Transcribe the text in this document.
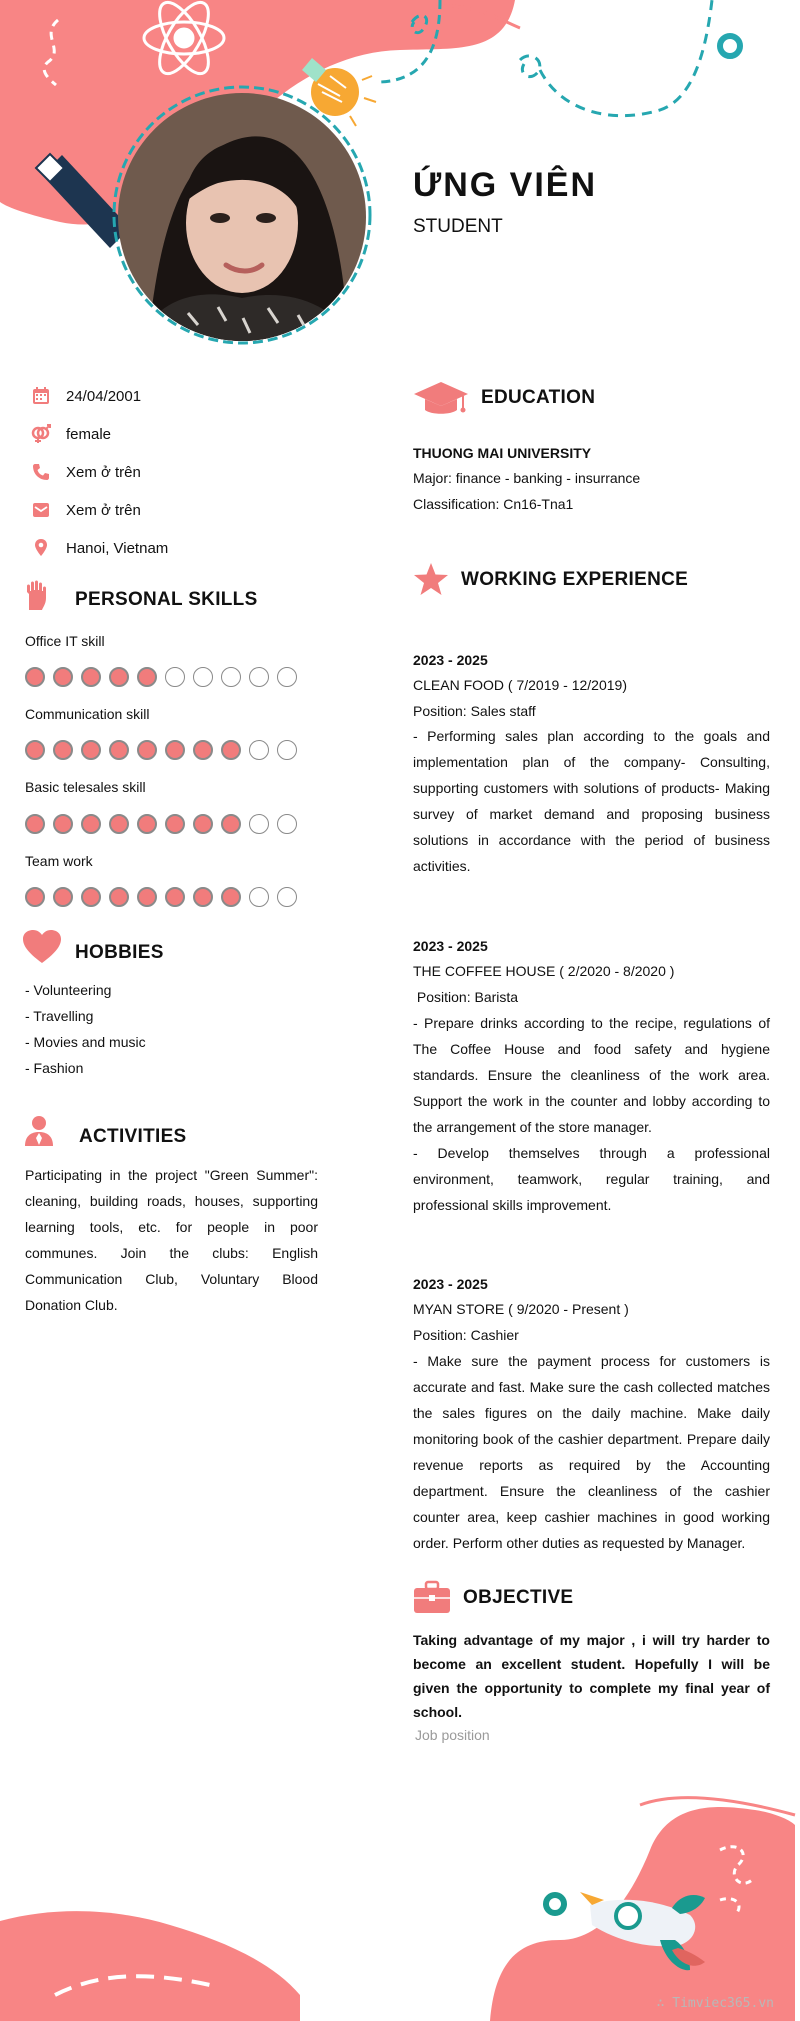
ỨNG VIÊN
STUDENT
24/04/2001
female
Xem ở trên
Xem ở trên
Hanoi, Vietnam
PERSONAL SKILLS
Office IT skill
Communication skill
Basic telesales skill
Team work
HOBBIES
- Volunteering
- Travelling
- Movies and music
- Fashion
ACTIVITIES
Participating in the project "Green Summer": cleaning, building roads, houses, supporting learning tools, etc. for people in poor communes. Join the clubs: English Communication Club, Voluntary Blood Donation Club.
EDUCATION
THUONG MAI UNIVERSITY
Major: finance - banking - insurrance
Classification: Cn16-Tna1
WORKING EXPERIENCE
2023 - 2025
CLEAN FOOD ( 7/2019 - 12/2019)
Position: Sales staff
- Performing sales plan according to the goals and implementation plan of the company- Consulting, supporting customers with solutions of products- Making survey of market demand and proposing business solutions in accordance with the period of business activities.
2023 - 2025
THE COFFEE HOUSE ( 2/2020 - 8/2020 )
Position: Barista
- Prepare drinks according to the recipe, regulations of The Coffee House and food safety and hygiene standards. Ensure the cleanliness of the work area. Support the work in the counter and lobby according to the arrangement of the store manager.
- Develop themselves through a professional environment, teamwork, regular training, and professional skills improvement.
2023 - 2025
MYAN STORE ( 9/2020 - Present )
Position: Cashier
- Make sure the payment process for customers is accurate and fast. Make sure the cash collected matches the sales figures on the daily machine. Make daily monitoring book of the cashier department. Prepare daily revenue reports as required by the Accounting department. Ensure the cleanliness of the cashier counter area, keep cashier machines in good working order. Perform other duties as requested by Manager.
OBJECTIVE
Taking advantage of my major , i will try harder to become an excellent student. Hopefully I will be given the opportunity to complete my final year of school.
Job position
∴ Timviec365.vn
